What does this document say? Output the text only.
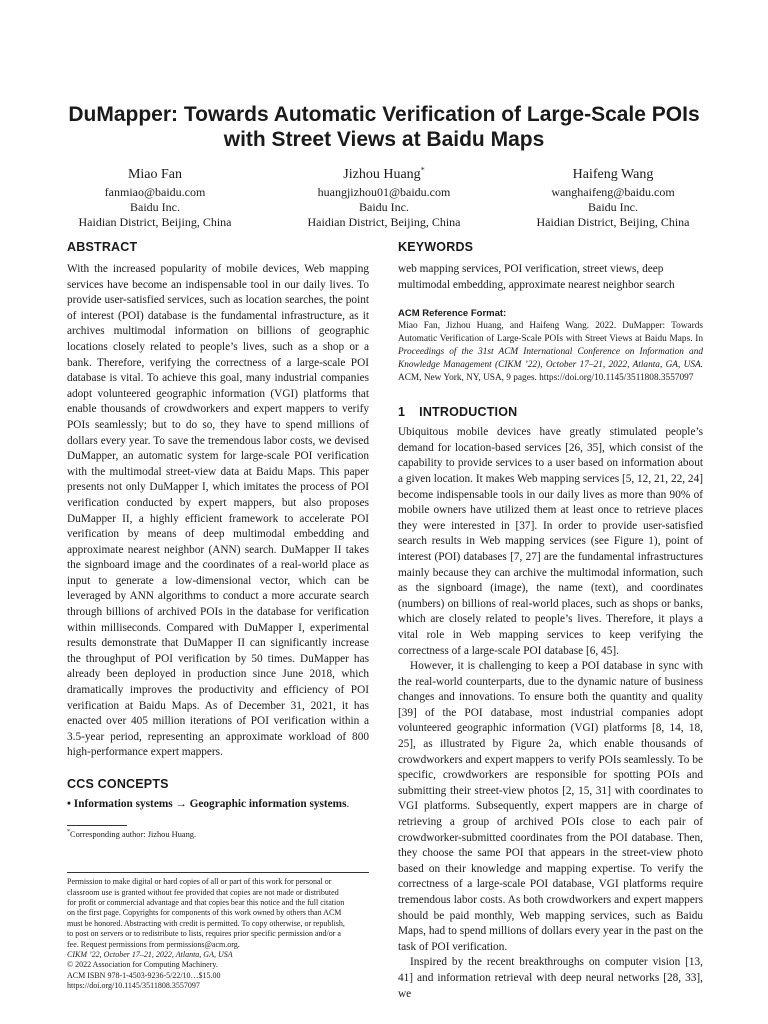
DuMapper: Towards Automatic Verification of Large-Scale POIs
with Street Views at Baidu Maps
Miao Fan
fanmiao@baidu.com
Baidu Inc.
Haidian District, Beijing, China
Jizhou Huang*
huangjizhou01@baidu.com
Baidu Inc.
Haidian District, Beijing, China
Haifeng Wang
wanghaifeng@baidu.com
Baidu Inc.
Haidian District, Beijing, China
ABSTRACT

With the increased popularity of mobile devices, Web mapping services have become an indispensable tool in our daily lives. To provide user-satisfied services, such as location searches, the point of interest (POI) database is the fundamental infrastructure, as it archives multimodal information on billions of geographic locations closely related to people’s lives, such as a shop or a bank. Therefore, verifying the correctness of a large-scale POI database is vital. To achieve this goal, many industrial companies adopt volunteered geographic information (VGI) platforms that enable thousands of crowdworkers and expert mappers to verify POIs seamlessly; but to do so, they have to spend millions of dollars every year. To save the tremendous labor costs, we devised DuMapper, an automatic system for large-scale POI verification with the multimodal street-view data at Baidu Maps. This paper presents not only DuMapper I, which imitates the process of POI verification conducted by expert mappers, but also proposes DuMapper II, a highly efficient framework to accelerate POI verification by means of deep multimodal embedding and approximate nearest neighbor (ANN) search. DuMapper II takes the signboard image and the coordinates of a real-world place as input to generate a low-dimensional vector, which can be leveraged by ANN algorithms to conduct a more accurate search through billions of archived POIs in the database for verification within milliseconds. Compared with DuMapper I, experimental results demonstrate that DuMapper II can significantly increase the throughput of POI verification by 50 times. DuMapper has already been deployed in production since June 2018, which dramatically improves the productivity and efficiency of POI verification at Baidu Maps. As of December 31, 2021, it has enacted over 405 million iterations of POI verification within a 3.5-year period, representing an approximate workload of 800 high-performance expert mappers.

CCS CONCEPTS

• Information systems → Geographic information systems.

*Corresponding author: Jizhou Huang.

Permission to make digital or hard copies of all or part of this work for personal or
classroom use is granted without fee provided that copies are not made or distributed
for profit or commercial advantage and that copies bear this notice and the full citation
on the first page. Copyrights for components of this work owned by others than ACM
must be honored. Abstracting with credit is permitted. To copy otherwise, or republish,
to post on servers or to redistribute to lists, requires prior specific permission and/or a
fee. Request permissions from permissions@acm.org.
CIKM ’22, October 17–21, 2022, Atlanta, GA, USA
© 2022 Association for Computing Machinery.
ACM ISBN 978-1-4503-9236-5/22/10…$15.00
https://doi.org/10.1145/3511808.3557097

KEYWORDS

web mapping services, POI verification, street views, deep multimodal embedding, approximate nearest neighbor search

ACM Reference Format:

Miao Fan, Jizhou Huang, and Haifeng Wang. 2022. DuMapper: Towards Automatic Verification of Large-Scale POIs with Street Views at Baidu Maps. In Proceedings of the 31st ACM International Conference on Information and Knowledge Management (CIKM ’22), October 17–21, 2022, Atlanta, GA, USA. ACM, New York, NY, USA, 9 pages. https://doi.org/10.1145/3511808.3557097

1 INTRODUCTION

Ubiquitous mobile devices have greatly stimulated people’s demand for location-based services [26, 35], which consist of the capability to provide services to a user based on information about a given location. It makes Web mapping services [5, 12, 21, 22, 24] become indispensable tools in our daily lives as more than 90% of mobile owners have utilized them at least once to retrieve places they were interested in [37]. In order to provide user-satisfied search results in Web mapping services (see Figure 1), point of interest (POI) databases [7, 27] are the fundamental infrastructures mainly because they can archive the multimodal information, such as the signboard (image), the name (text), and coordinates (numbers) on billions of real-world places, such as shops or banks, which are closely related to people’s lives. Therefore, it plays a vital role in Web mapping services to keep verifying the correctness of a large-scale POI database [6, 45].

However, it is challenging to keep a POI database in sync with the real-world counterparts, due to the dynamic nature of business changes and innovations. To ensure both the quantity and quality [39] of the POI database, most industrial companies adopt volunteered geographic information (VGI) platforms [8, 14, 18, 25], as illustrated by Figure 2a, which enable thousands of crowdworkers and expert mappers to verify POIs seamlessly. To be specific, crowdworkers are responsible for spotting POIs and submitting their street-view photos [2, 15, 31] with coordinates to VGI platforms. Subsequently, expert mappers are in charge of retrieving a group of archived POIs close to each pair of crowdworker-submitted coordinates from the POI database. Then, they choose the same POI that appears in the street-view photo based on their knowledge and mapping expertise. To verify the correctness of a large-scale POI database, VGI platforms require tremendous labor costs. As both crowdworkers and expert mappers should be paid monthly, Web mapping services, such as Baidu Maps, had to spend millions of dollars every year in the past on the task of POI verification.

Inspired by the recent breakthroughs on computer vision [13, 41] and information retrieval with deep neural networks [28, 33], we
